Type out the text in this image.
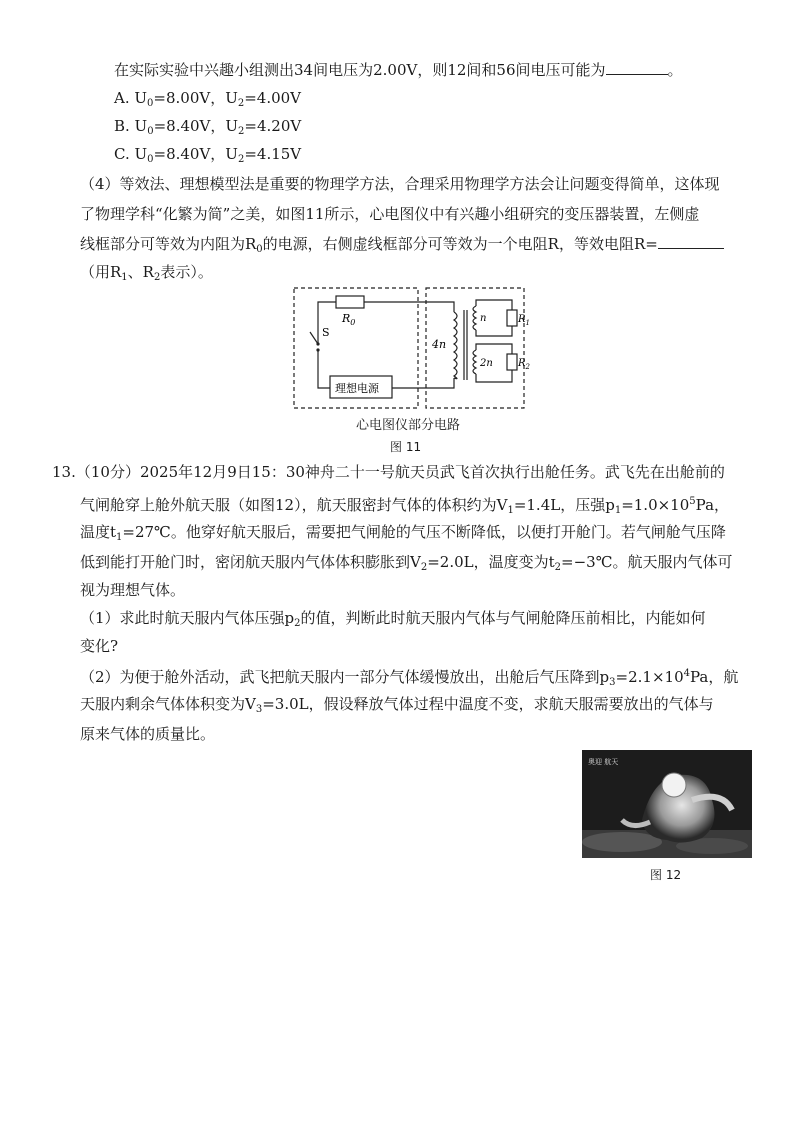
在实际实验中兴趣小组测出34间电压为2.00V，则12间和56间电压可能为	。
A. $U_0=8.00V$，$U_2=4.00V$
B. $U_0=8.40V$，$U_2=4.20V$
C. $U_0=8.40V$，$U_2=4.15V$
（4）等效法、理想模型法是重要的物理学方法，合理采用物理学方法会让问题变得简单，这体现
了物理学科“化繁为简”之美，如图11所示，心电图仪中有兴趣小组研究的变压器装置，左侧虚
线框部分可等效为内阻为$R_0$的电源，右侧虚线框部分可等效为一个电阻R，等效电阻R=
（用$R_1$、$R_2$表示）。
$R_0$
S
理想电源
4n
n
2n
$R_1$
$R_2$
心电图仪部分电路
图 11
13.（10分）2025年12月9日15：30神舟二十一号航天员武飞首次执行出舱任务。武飞先在出舱前的
气闸舱穿上舱外航天服（如图12），航天服密封气体的体积约为$V_1=1.4L$，压强$p_1=1.0\times 10^5Pa$，
温度$t_1=27℃$。他穿好航天服后，需要把气闸舱的气压不断降低，以便打开舱门。若气闸舱气压降
低到能打开舱门时，密闭航天服内气体体积膨胀到$V_2=2.0L$，温度变为$t_2=-3℃$。航天服内气体可
视为理想气体。
（1）求此时航天服内气体压强$p_2$的值，判断此时航天服内气体与气闸舱降压前相比，内能如何
变化?
（2）为便于舱外活动，武飞把航天服内一部分气体缓慢放出，出舱后气压降到$p_3=2.1\times 10^4Pa$，航
天服内剩余气体体积变为$V_3=3.0L$，假设释放气体过程中温度不变，求航天服需要放出的气体与
原来气体的质量比。
奥迎 航天
图 12
